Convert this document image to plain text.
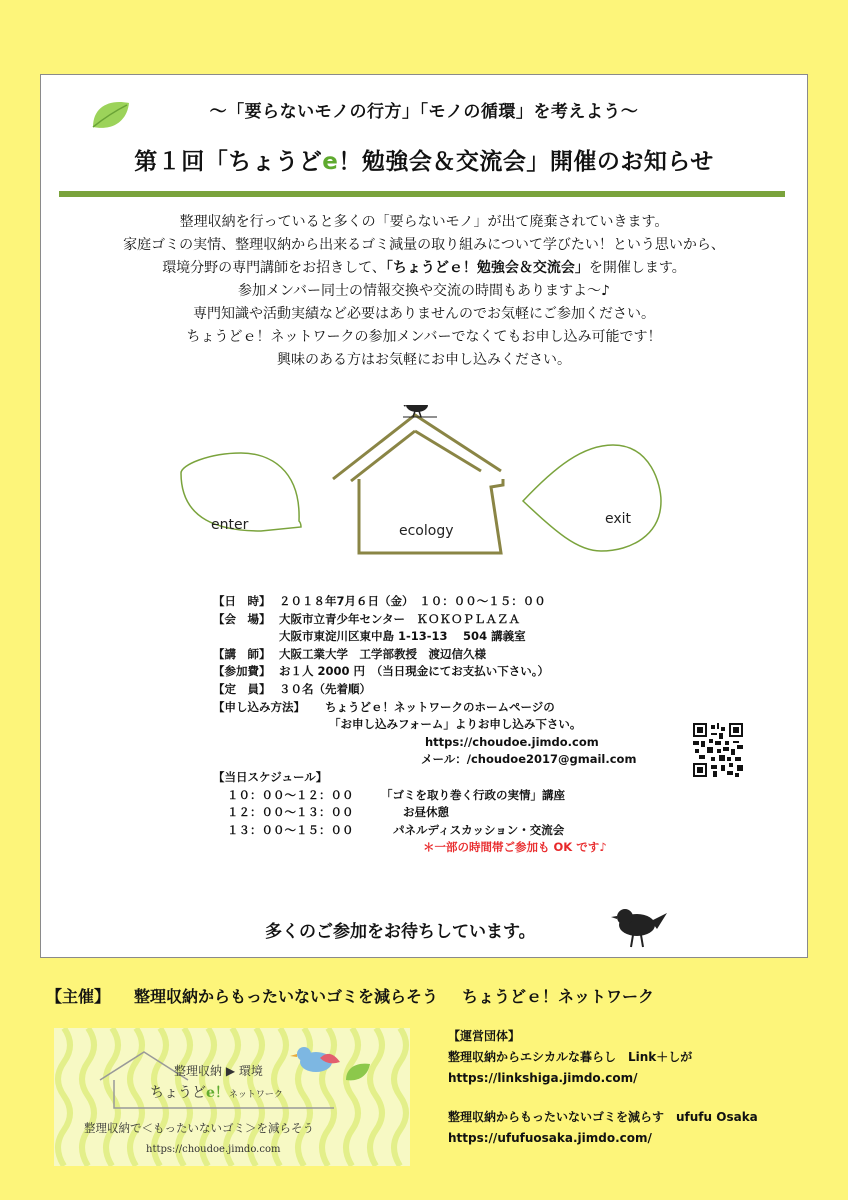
〜「要らないモノの行方」「モノの循環」を考えよう〜
第１回「ちょうどe！勉強会＆交流会」開催のお知らせ
整理収納を行っていると多くの「要らないモノ」が出て廃棄されていきます。
家庭ゴミの実情、整理収納から出来るゴミ減量の取り組みについて学びたい！という思いから、
環境分野の専門講師をお招きして、「ちょうどｅ！勉強会＆交流会」を開催します。
参加メンバー同士の情報交換や交流の時間もありますよ〜♪
専門知識や活動実績など必要はありませんのでお気軽にご参加ください。
ちょうどｅ！ネットワークの参加メンバーでなくてもお申し込み可能です！
興味のある方はお気軽にお申し込みください。
enter	ecology
exit
【日　時】 ２０１８年7月６日（金）　１０：００〜１５：００
【会　場】 大阪市立青少年センター　ＫＯＫＯＰＬＡＺＡ
大阪市東淀川区東中島 1-13-13　 504 講義室
【講　師】 大阪工業大学　工学部教授　渡辺信久様
【参加費】 お１人 2000 円　（当日現金にてお支払い下さい。）
【定　員】 ３０名（先着順）
【申し込み方法】 ちょうどｅ！ネットワークのホームページの
「お申し込みフォーム」よりお申し込み下さい。
https://choudoe.jimdo.com
メール：/choudoe2017@gmail.com
【当日スケジュール】
１０：００〜１２：００ 「ゴミを取り巻く行政の実情」講座
１２：００〜１３：００	お昼休憩
１３：００〜１５：００	パネルディスカッション・交流会
＊一部の時間帯ご参加も OK です♪
多くのご参加をお待ちしています。
【主催】 整理収納からもったいないゴミを減らそう ちょうどｅ！ネットワーク
整理収納 ▶ 環境
ちょうどe！ネットワーク
整理収納で＜もったいないゴミ＞を減らそう
https://choudoe.jimdo.com
【運営団体】
整理収納からエシカルな暮らし　Link＋しが
https://linkshiga.jimdo.com/
整理収納からもったいないゴミを減らす　ufufu Osaka
https://ufufuosaka.jimdo.com/
